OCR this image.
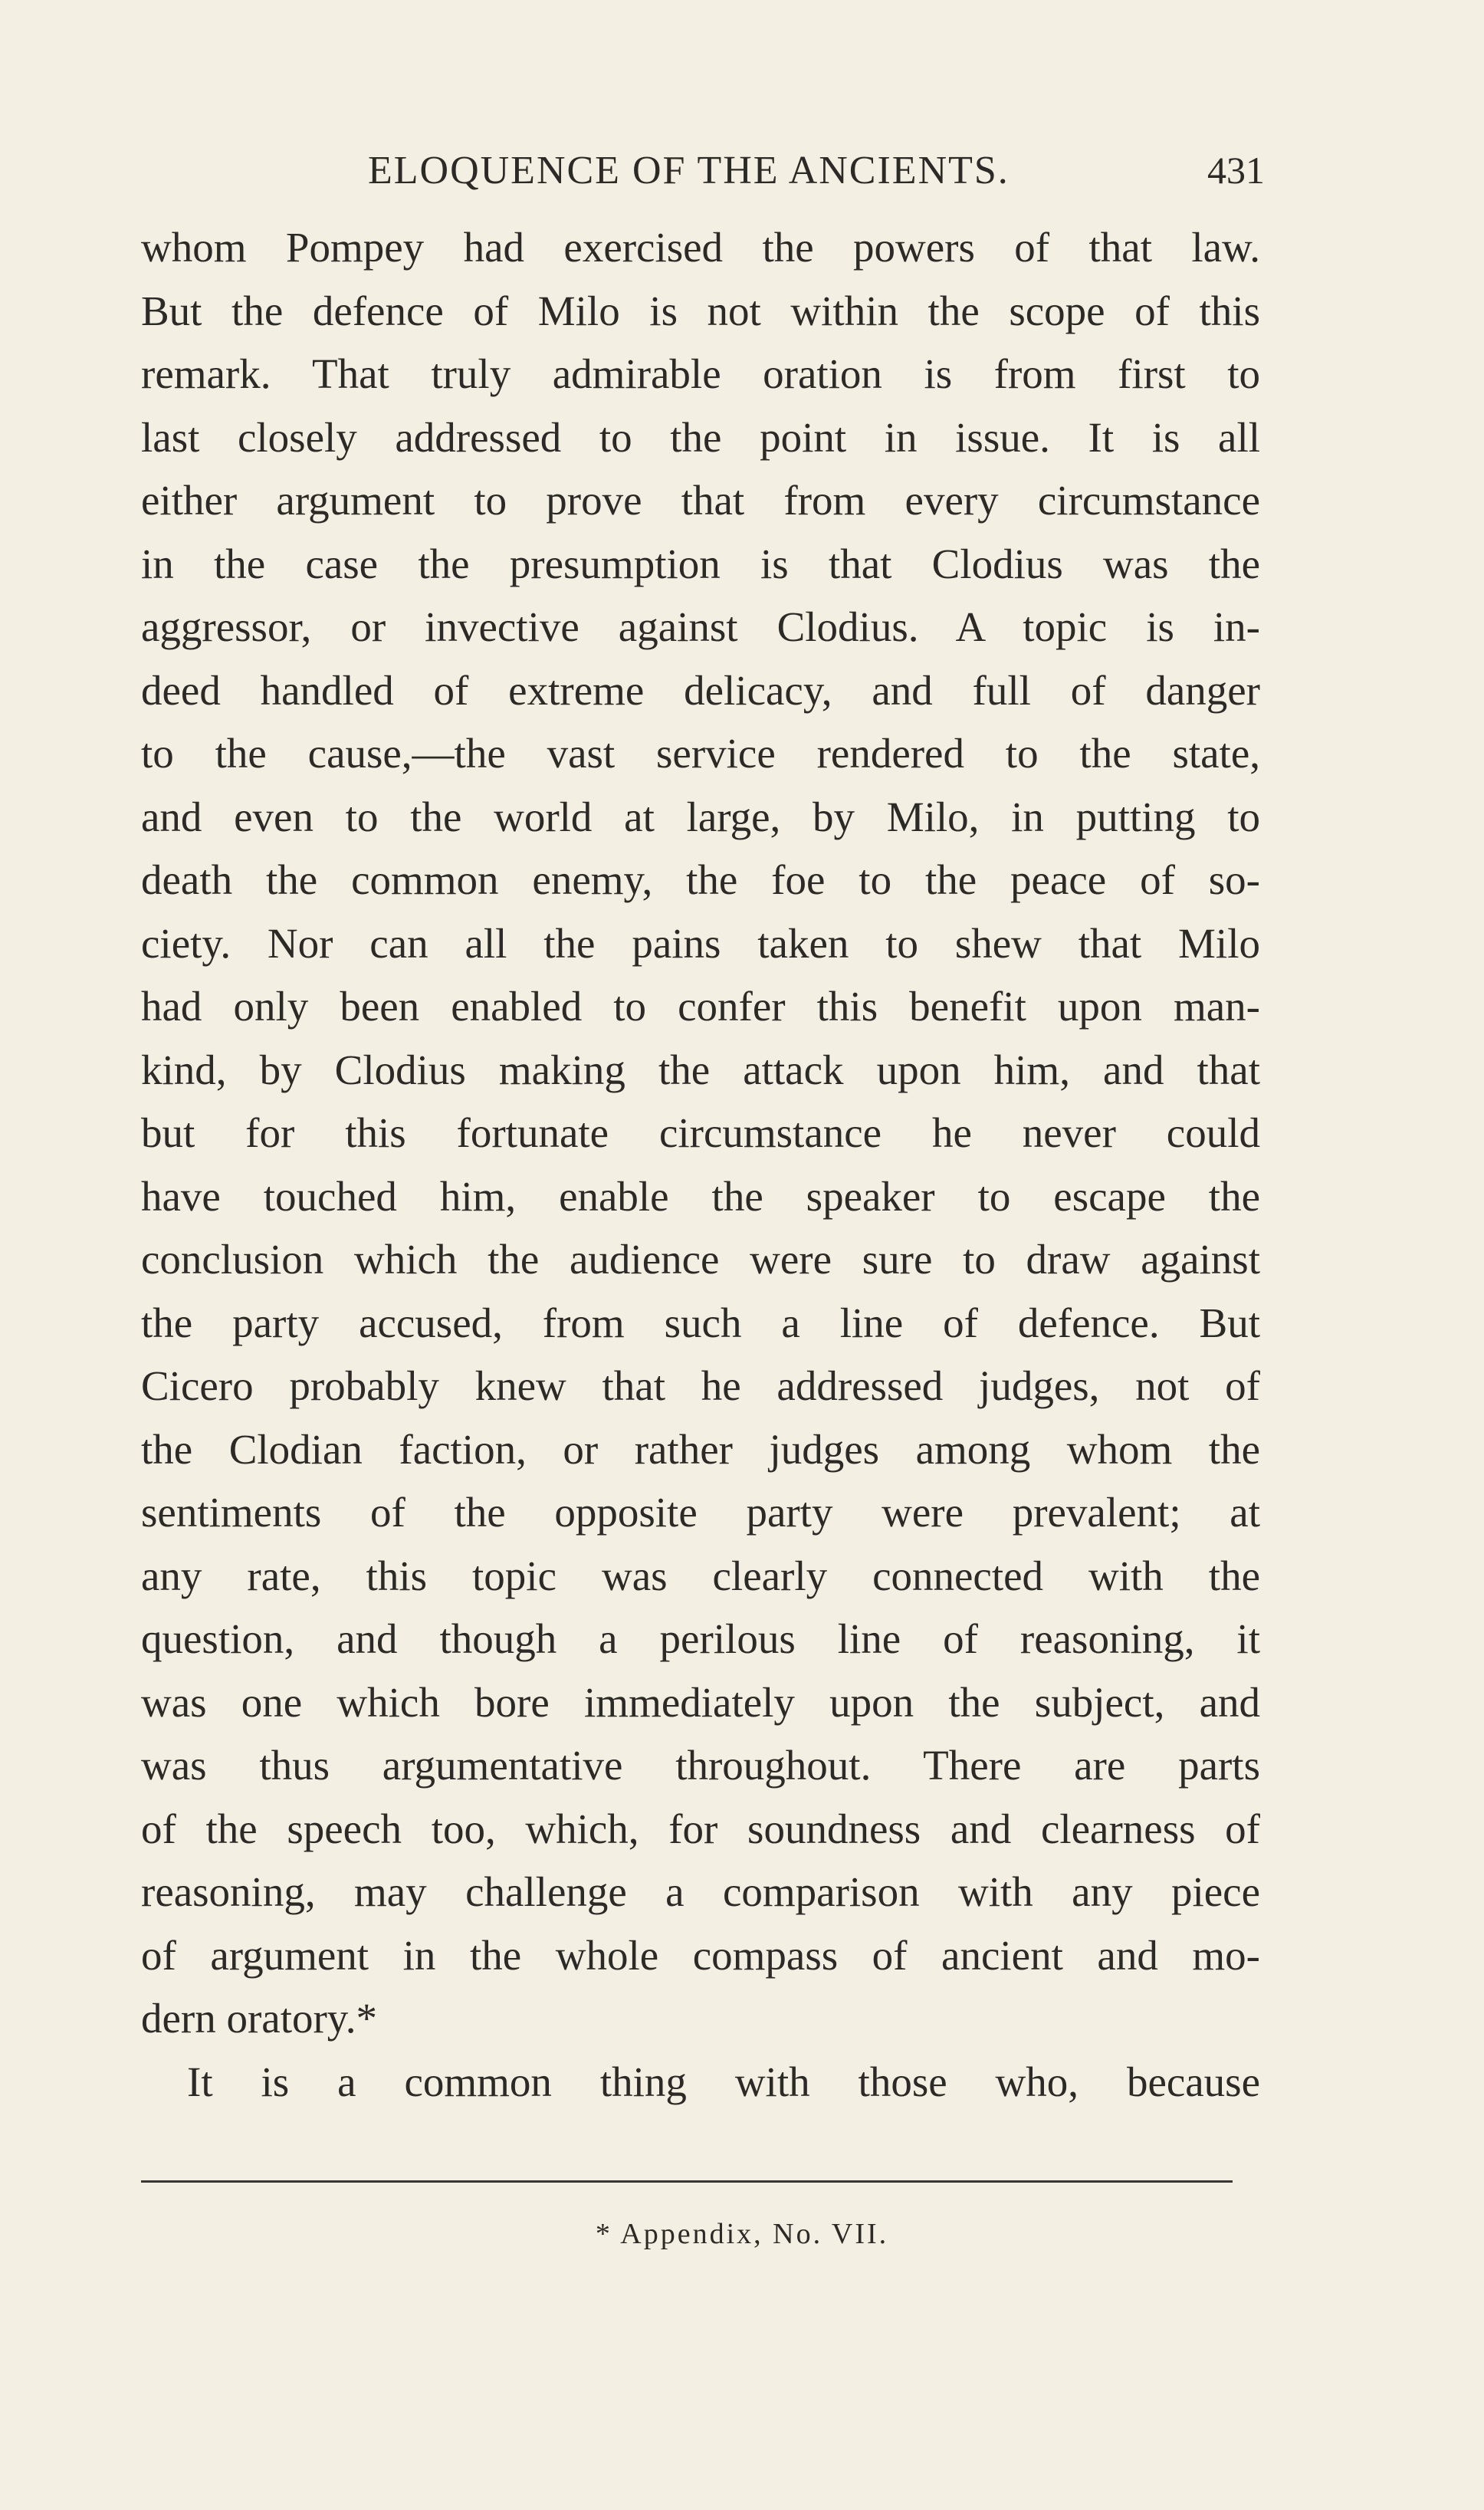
ELOQUENCE OF THE ANCIENTS.	431
whom Pompey had exercised the powers of that law.
But the defence of Milo is not within the scope of this
remark. That truly admirable oration is from first to
last closely addressed to the point in issue. It is all
either argument to prove that from every circumstance
in the case the presumption is that Clodius was the
aggressor, or invective against Clodius. A topic is in-
deed handled of extreme delicacy, and full of danger
to the cause,—the vast service rendered to the state,
and even to the world at large, by Milo, in putting to
death the common enemy, the foe to the peace of so-
ciety. Nor can all the pains taken to shew that Milo
had only been enabled to confer this benefit upon man-
kind, by Clodius making the attack upon him, and that
but for this fortunate circumstance he never could
have touched him, enable the speaker to escape the
conclusion which the audience were sure to draw against
the party accused, from such a line of defence. But
Cicero probably knew that he addressed judges, not of
the Clodian faction, or rather judges among whom the
sentiments of the opposite party were prevalent; at
any rate, this topic was clearly connected with the
question, and though a perilous line of reasoning, it
was one which bore immediately upon the subject, and
was thus argumentative throughout. There are parts
of the speech too, which, for soundness and clearness of
reasoning, may challenge a comparison with any piece
of argument in the whole compass of ancient and mo-
dern oratory.*
It is a common thing with those who, because
* Appendix, No. VII.
